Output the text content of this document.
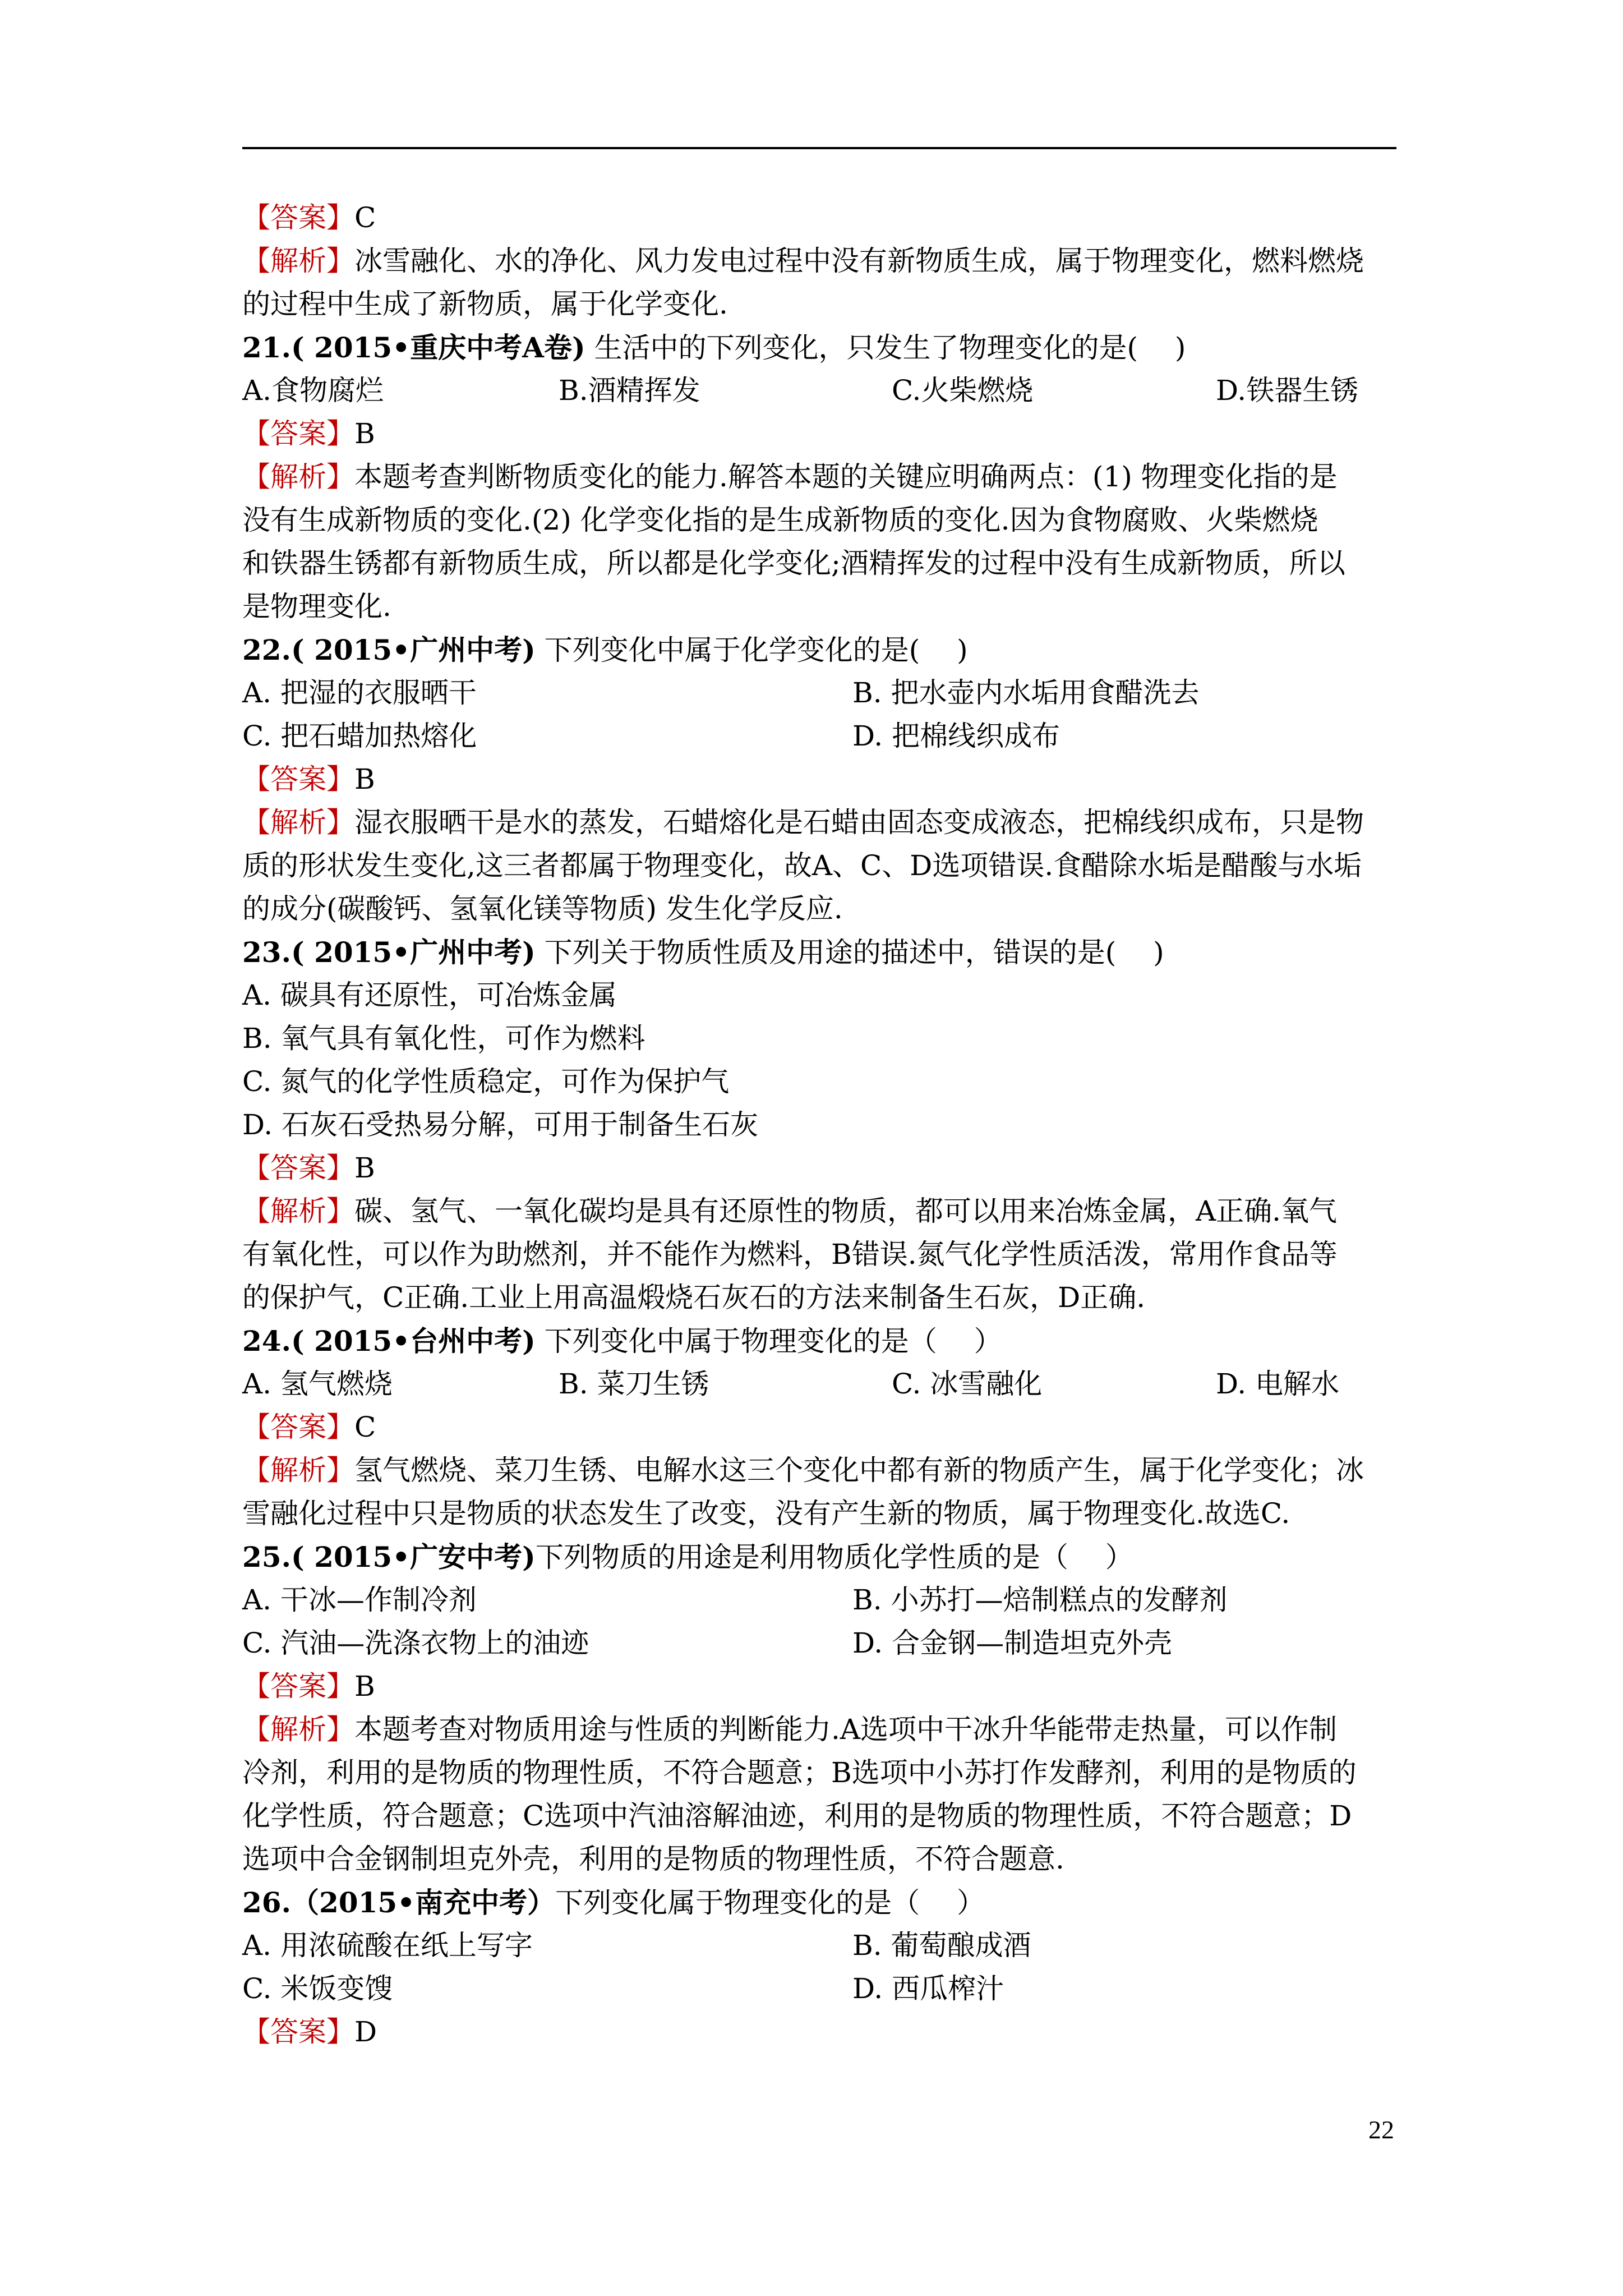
【答案】C
【解析】冰雪融化、水的净化、风力发电过程中没有新物质生成，属于物理变化，燃料燃烧
的过程中生成了新物质，属于化学变化.
21.( 2015•重庆中考A卷) 生活中的下列变化，只发生了物理变化的是(　 )
A.食物腐烂	B.酒精挥发	C.火柴燃烧	D.铁器生锈
【答案】B
【解析】本题考查判断物质变化的能力.解答本题的关键应明确两点：(1) 物理变化指的是
没有生成新物质的变化.(2) 化学变化指的是生成新物质的变化.因为食物腐败、火柴燃烧
和铁器生锈都有新物质生成，所以都是化学变化;酒精挥发的过程中没有生成新物质，所以
是物理变化.
22.( 2015•广州中考) 下列变化中属于化学变化的是(　 )
A. 把湿的衣服晒干	B. 把水壶内水垢用食醋洗去
C. 把石蜡加热熔化	D. 把棉线织成布
【答案】B
【解析】湿衣服晒干是水的蒸发，石蜡熔化是石蜡由固态变成液态，把棉线织成布，只是物
质的形状发生变化,这三者都属于物理变化，故A、C、D选项错误.食醋除水垢是醋酸与水垢
的成分(碳酸钙、氢氧化镁等物质) 发生化学反应.
23.( 2015•广州中考) 下列关于物质性质及用途的描述中，错误的是(　 )
A. 碳具有还原性，可冶炼金属
B. 氧气具有氧化性，可作为燃料
C. 氮气的化学性质稳定，可作为保护气
D. 石灰石受热易分解，可用于制备生石灰
【答案】B
【解析】碳、氢气、一氧化碳均是具有还原性的物质，都可以用来冶炼金属，A正确.氧气
有氧化性，可以作为助燃剂，并不能作为燃料，B错误.氮气化学性质活泼，常用作食品等
的保护气，C正确.工业上用高温煅烧石灰石的方法来制备生石灰，D正确.
24.( 2015•台州中考) 下列变化中属于物理变化的是（　 ）
A. 氢气燃烧	B. 菜刀生锈	C. 冰雪融化	D. 电解水
【答案】C
【解析】氢气燃烧、菜刀生锈、电解水这三个变化中都有新的物质产生，属于化学变化；冰
雪融化过程中只是物质的状态发生了改变，没有产生新的物质，属于物理变化.故选C.
25.( 2015•广安中考)下列物质的用途是利用物质化学性质的是（　 ）
A. 干冰—作制冷剂	B. 小苏打—焙制糕点的发酵剂
C. 汽油—洗涤衣物上的油迹	D. 合金钢—制造坦克外壳
【答案】B
【解析】本题考查对物质用途与性质的判断能力.A选项中干冰升华能带走热量，可以作制
冷剂，利用的是物质的物理性质，不符合题意；B选项中小苏打作发酵剂，利用的是物质的
化学性质，符合题意；C选项中汽油溶解油迹，利用的是物质的物理性质，不符合题意；D
选项中合金钢制坦克外壳，利用的是物质的物理性质，不符合题意.
26.（2015•南充中考）下列变化属于物理变化的是（　 ）
A. 用浓硫酸在纸上写字	B. 葡萄酿成酒
C. 米饭变馊	D. 西瓜榨汁
【答案】D
22
